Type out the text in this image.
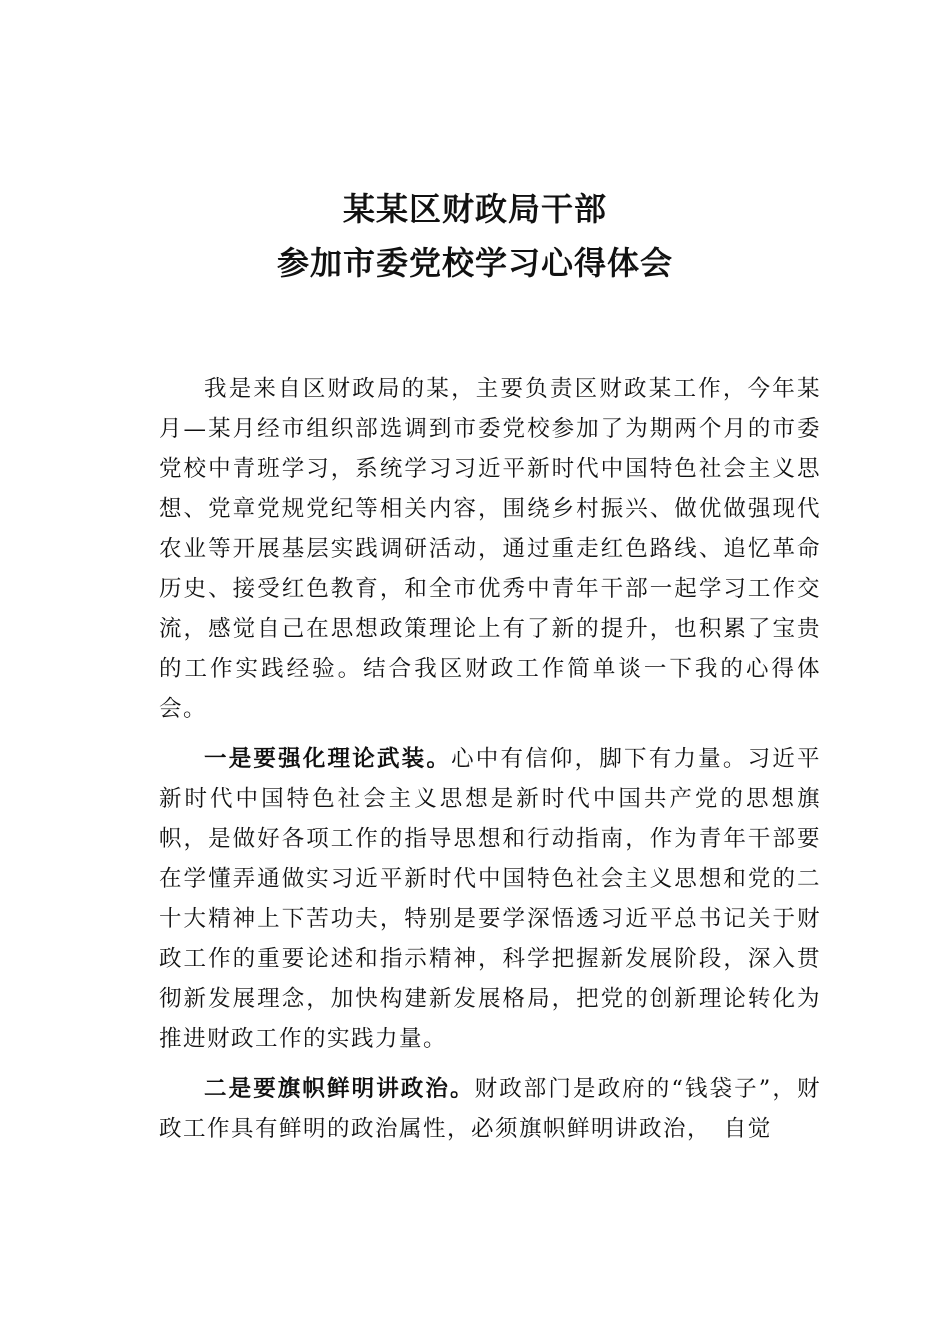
某某区财政局干部
参加市委党校学习心得体会

我是来自区财政局的某，主要负责区财政某工作，今年某月—某月经市组织部选调到市委党校参加了为期两个月的市委党校中青班学习，系统学习习近平新时代中国特色社会主义思想、党章党规党纪等相关内容，围绕乡村振兴、做优做强现代农业等开展基层实践调研活动，通过重走红色路线、追忆革命历史、接受红色教育，和全市优秀中青年干部一起学习工作交流，感觉自己在思想政策理论上有了新的提升，也积累了宝贵的工作实践经验。结合我区财政工作简单谈一下我的心得体会。

一是要强化理论武装。心中有信仰，脚下有力量。习近平新时代中国特色社会主义思想是新时代中国共产党的思想旗帜，是做好各项工作的指导思想和行动指南，作为青年干部要在学懂弄通做实习近平新时代中国特色社会主义思想和党的二十大精神上下苦功夫，特别是要学深悟透习近平总书记关于财政工作的重要论述和指示精神，科学把握新发展阶段，深入贯彻新发展理念，加快构建新发展格局，把党的创新理论转化为推进财政工作的实践力量。

二是要旗帜鲜明讲政治。财政部门是政府的“钱袋子”，财政工作具有鲜明的政治属性，必须旗帜鲜明讲政治，　自觉
